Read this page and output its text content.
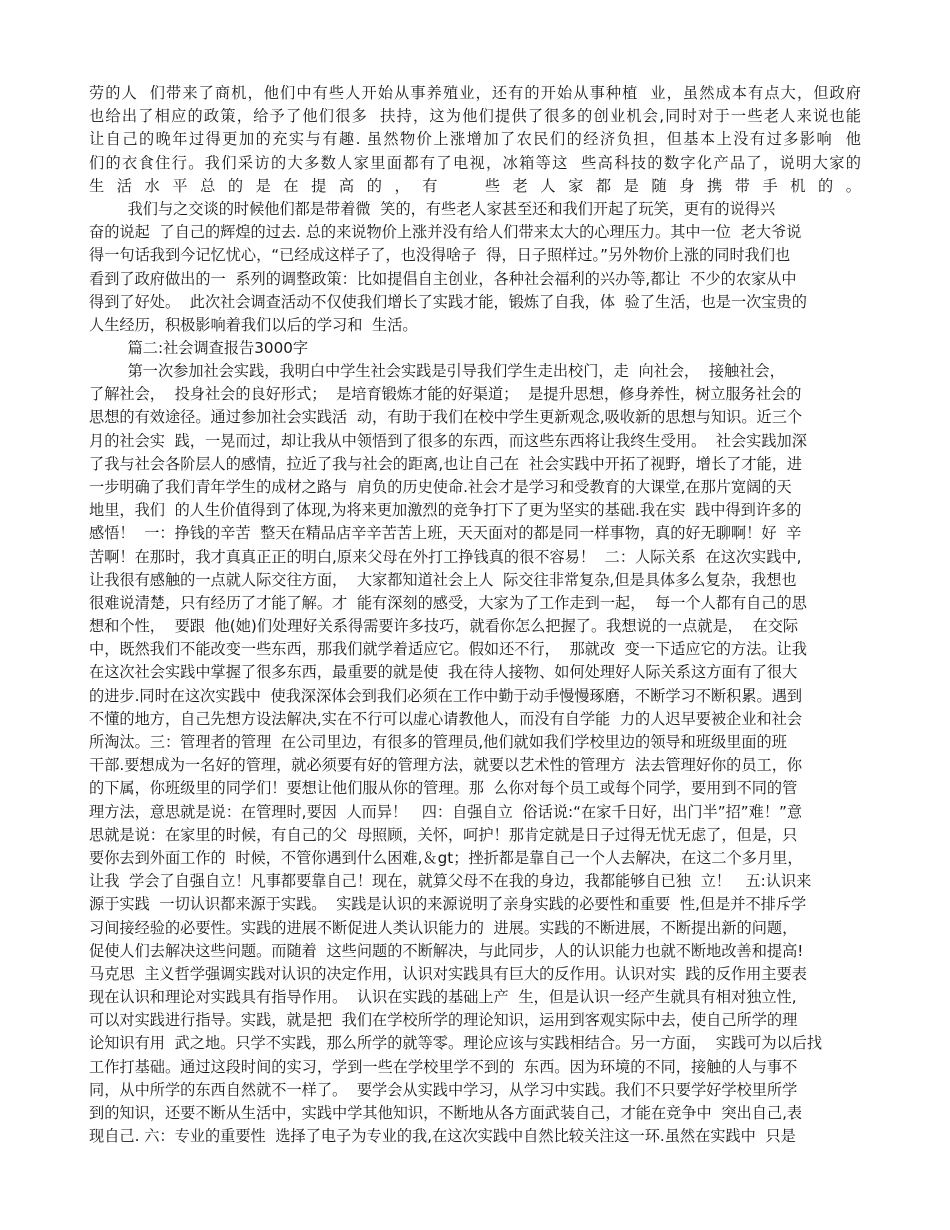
劳的人  们带来了商机，他们中有些人开始从事养殖业，还有的开始从事种植  业，虽然成本有点大，但政府
也给出了相应的政策，给予了他们很多  扶持，这为他们提供了很多的创业机会,同时对于一些老人来说也能
让自己的晚年过得更加的充实与有趣. 虽然物价上涨增加了农民们的经济负担，但基本上没有过多影响  他
们的衣食住行。我们采访的大多数人家里面都有了电视，冰箱等这  些高科技的数字化产品了，说明大家的
生活水平总的是在提高的，有  些老人家都是随身携带手机的。
我们与之交谈的时候他们都是带着微  笑的，有些老人家甚至还和我们开起了玩笑，更有的说得兴
奋的说起  了自己的辉煌的过去. 总的来说物价上涨并没有给人们带来太大的心理压力。其中一位  老大爷说
得一句话我到今记忆忧心，“已经成这样子了，也没得啥子  得，日子照样过。”另外物价上涨的同时我们也
看到了政府做出的一  系列的调整政策：比如提倡自主创业，各种社会福利的兴办等,都让  不少的农家从中
得到了好处。  此次社会调查活动不仅使我们增长了实践才能，锻炼了自我，体  验了生活，也是一次宝贵的
人生经历，积极影响着我们以后的学习和  生活。
篇二:社会调查报告3000字
第一次参加社会实践，我明白中学生社会实践是引导我们学生走出校门，走  向社会，  接触社会，
了解社会，  投身社会的良好形式；  是培育锻炼才能的好渠道；  是提升思想，修身养性，树立服务社会的
思想的有效途径。通过参加社会实践活  动，有助于我们在校中学生更新观念,吸收新的思想与知识。近三个
月的社会实  践，一晃而过，却让我从中领悟到了很多的东西，而这些东西将让我终生受用。  社会实践加深
了我与社会各阶层人的感情，拉近了我与社会的距离,也让自己在  社会实践中开拓了视野，增长了才能，进
一步明确了我们青年学生的成材之路与  肩负的历史使命.社会才是学习和受教育的大课堂,在那片宽阔的天
地里，我们  的人生价值得到了体现,为将来更加激烈的竞争打下了更为坚实的基础.我在实  践中得到许多的
感悟！  一：挣钱的辛苦  整天在精品店辛辛苦苦上班，天天面对的都是同一样事物，真的好无聊啊！好  辛
苦啊！在那时，我才真真正正的明白,原来父母在外打工挣钱真的很不容易！  二：人际关系  在这次实践中,
让我很有感触的一点就人际交往方面，  大家都知道社会上人  际交往非常复杂,但是具体多么复杂，我想也
很难说清楚，只有经历了才能了解。才  能有深刻的感受，大家为了工作走到一起，  每一个人都有自己的思
想和个性，  要跟  他(她)们处理好关系得需要许多技巧，就看你怎么把握了。我想说的一点就是，  在交际
中，既然我们不能改变一些东西，那我们就学着适应它。假如还不行，  那就改  变一下适应它的方法。让我
在这次社会实践中掌握了很多东西，最重要的就是使  我在待人接物、如何处理好人际关系这方面有了很大
的进步.同时在这次实践中  使我深深体会到我们必须在工作中勤于动手慢慢琢磨，不断学习不断积累。遇到
不懂的地方，自己先想方设法解决,实在不行可以虚心请教他人，而没有自学能  力的人迟早要被企业和社会
所淘汰。三：管理者的管理  在公司里边，有很多的管理员,他们就如我们学校里边的领导和班级里面的班
干部.要想成为一名好的管理，就必须要有好的管理方法，就要以艺术性的管理方  法去管理好你的员工，你
的下属，你班级里的同学们！要想让他们服从你的管理。那  么你对每个员工或每个同学，要用到不同的管
理方法，意思就是说：在管理时,要因  人而异！   四：自强自立  俗话说:“在家千日好，出门半”招”难！”意
思就是说：在家里的时候，有自己的父  母照顾，关怀，呵护！那肯定就是日子过得无忧无虑了，但是，只
要你去到外面工作的  时候，不管你遇到什么困难,＆gt；挫折都是靠自己一个人去解决，在这二个多月里，
让我  学会了自强自立！凡事都要靠自己！现在，就算父母不在我的身边，我都能够自已独  立！   五:认识来
源于实践  一切认识都来源于实践。  实践是认识的来源说明了亲身实践的必要性和重要  性,但是并不排斥学
习间接经验的必要性。实践的进展不断促进人类认识能力的  进展。实践的不断进展，不断提出新的问题，
促使人们去解决这些问题。而随着  这些问题的不断解决，与此同步，人的认识能力也就不断地改善和提高!
马克思  主义哲学强调实践对认识的决定作用，认识对实践具有巨大的反作用。认识对实  践的反作用主要表
现在认识和理论对实践具有指导作用。  认识在实践的基础上产  生，但是认识一经产生就具有相对独立性,
可以对实践进行指导。实践，就是把  我们在学校所学的理论知识，运用到客观实际中去，使自己所学的理
论知识有用  武之地。只学不实践，那么所学的就等零。理论应该与实践相结合。另一方面，  实践可为以后找
工作打基础。通过这段时间的实习，学到一些在学校里学不到的  东西。因为环境的不同，接触的人与事不
同，从中所学的东西自然就不一样了。  要学会从实践中学习，从学习中实践。我们不只要学好学校里所学
到的知识，还要不断从生活中，实践中学其他知识，不断地从各方面武装自己，才能在竞争中  突出自己,表
现自己. 六：专业的重要性  选择了电子为专业的我,在这次实践中自然比较关注这一环.虽然在实践中  只是
